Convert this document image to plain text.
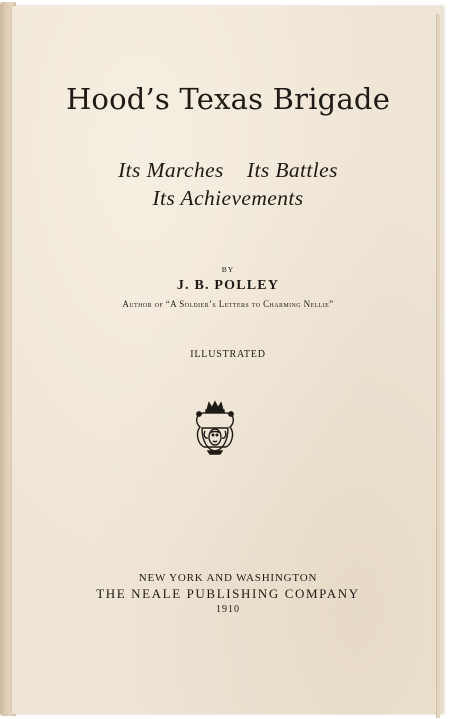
Hood’s Texas Brigade
Its Marches    Its Battles
Its Achievements
BY
J. B. POLLEY
Author of “A Soldier’s Letters to Charming Nellie”
ILLUSTRATED
NEW YORK AND WASHINGTON
THE NEALE PUBLISHING COMPANY
1910
